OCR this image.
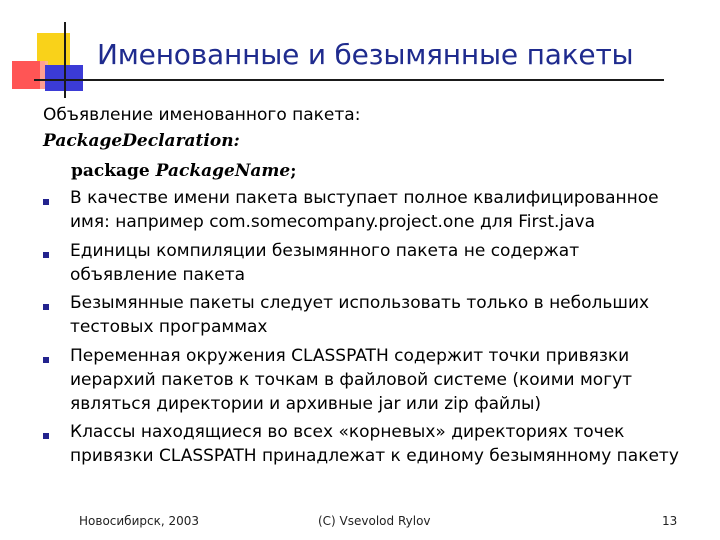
Именованные и безымянные пакеты
Объявление именованного пакета:
PackageDeclaration:
package PackageName;
В качестве имени пакета выступает полное квалифицированное
имя: например com.somecompany.project.one для First.java
Единицы компиляции безымянного пакета не содержат
объявление пакета
Безымянные пакеты следует использовать только в небольших
тестовых программах
Переменная окружения CLASSPATH содержит точки привязки
иерархий пакетов к точкам в файловой системе (коими могут
являться директории и архивные jar или zip файлы)
Классы находящиеся во всех «корневых» директориях точек
привязки CLASSPATH принадлежат к единому безымянному пакету
Новосибирск, 2003	(C) Vsevolod Rylov	13
